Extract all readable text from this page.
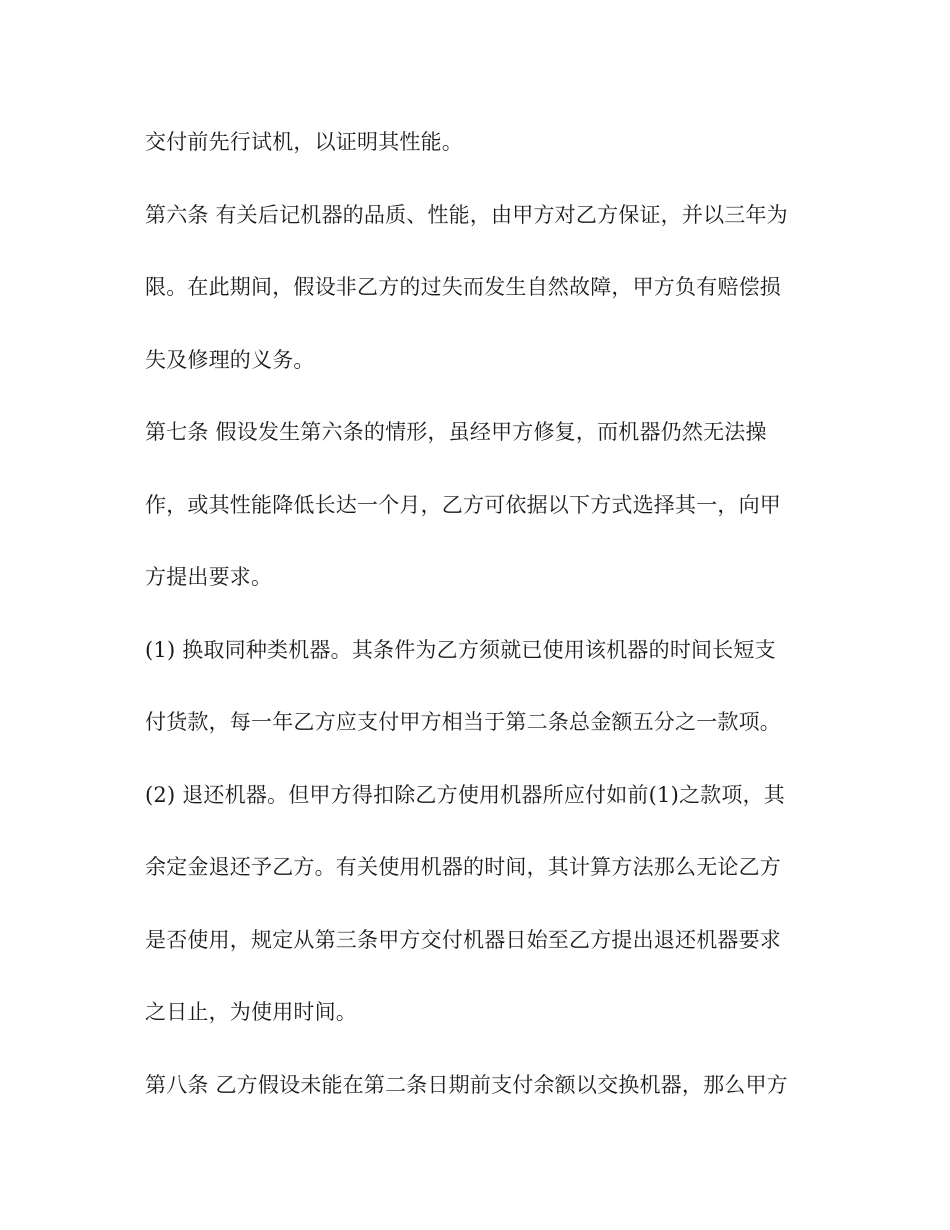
交付前先行试机，以证明其性能。

第六条 有关后记机器的品质、性能，由甲方对乙方保证，并以三年为

限。在此期间，假设非乙方的过失而发生自然故障，甲方负有赔偿损

失及修理的义务。

第七条 假设发生第六条的情形，虽经甲方修复，而机器仍然无法操

作，或其性能降低长达一个月，乙方可依据以下方式选择其一，向甲

方提出要求。

(1) 换取同种类机器。其条件为乙方须就已使用该机器的时间长短支

付货款，每一年乙方应支付甲方相当于第二条总金额五分之一款项。

(2) 退还机器。但甲方得扣除乙方使用机器所应付如前(1)之款项，其

余定金退还予乙方。有关使用机器的时间，其计算方法那么无论乙方

是否使用，规定从第三条甲方交付机器日始至乙方提出退还机器要求

之日止，为使用时间。

第八条 乙方假设未能在第二条日期前支付余额以交换机器，那么甲方
